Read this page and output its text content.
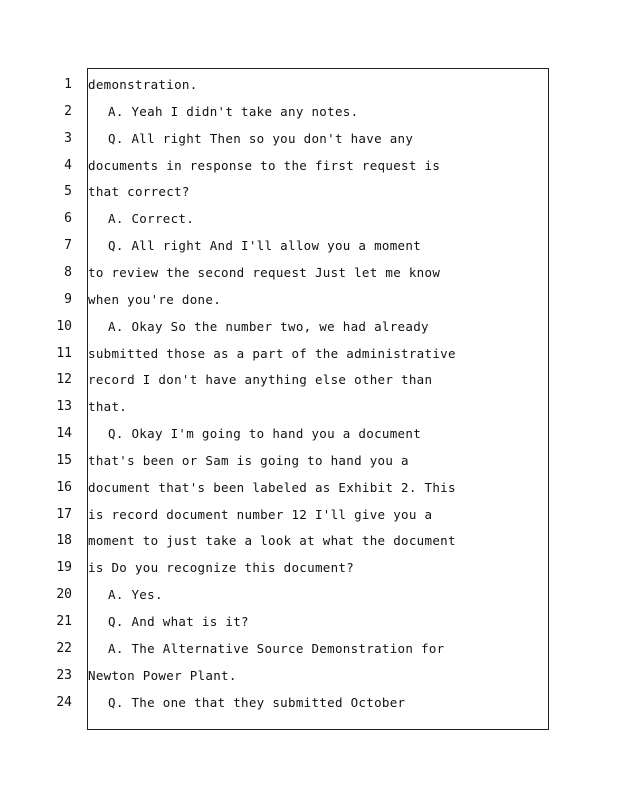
1 demonstration.
2	A. Yeah I didn't take any notes.
3	Q. All right Then so you don't have any
4 documents in response to the first request is
5 that correct?
6	A. Correct.
7	Q. All right And I'll allow you a moment
8 to review the second request Just let me know
9 when you're done.
10	A. Okay So the number two, we had already
11 submitted those as a part of the administrative
12 record I don't have anything else other than
13 that.
14	Q. Okay I'm going to hand you a document
15 that's been or Sam is going to hand you a
16 document that's been labeled as Exhibit 2. This
17 is record document number 12 I'll give you a
18 moment to just take a look at what the document
19 is Do you recognize this document?
20	A. Yes.
21	Q. And what is it?
22	A. The Alternative Source Demonstration for
23 Newton Power Plant.
24	Q. The one that they submitted October
